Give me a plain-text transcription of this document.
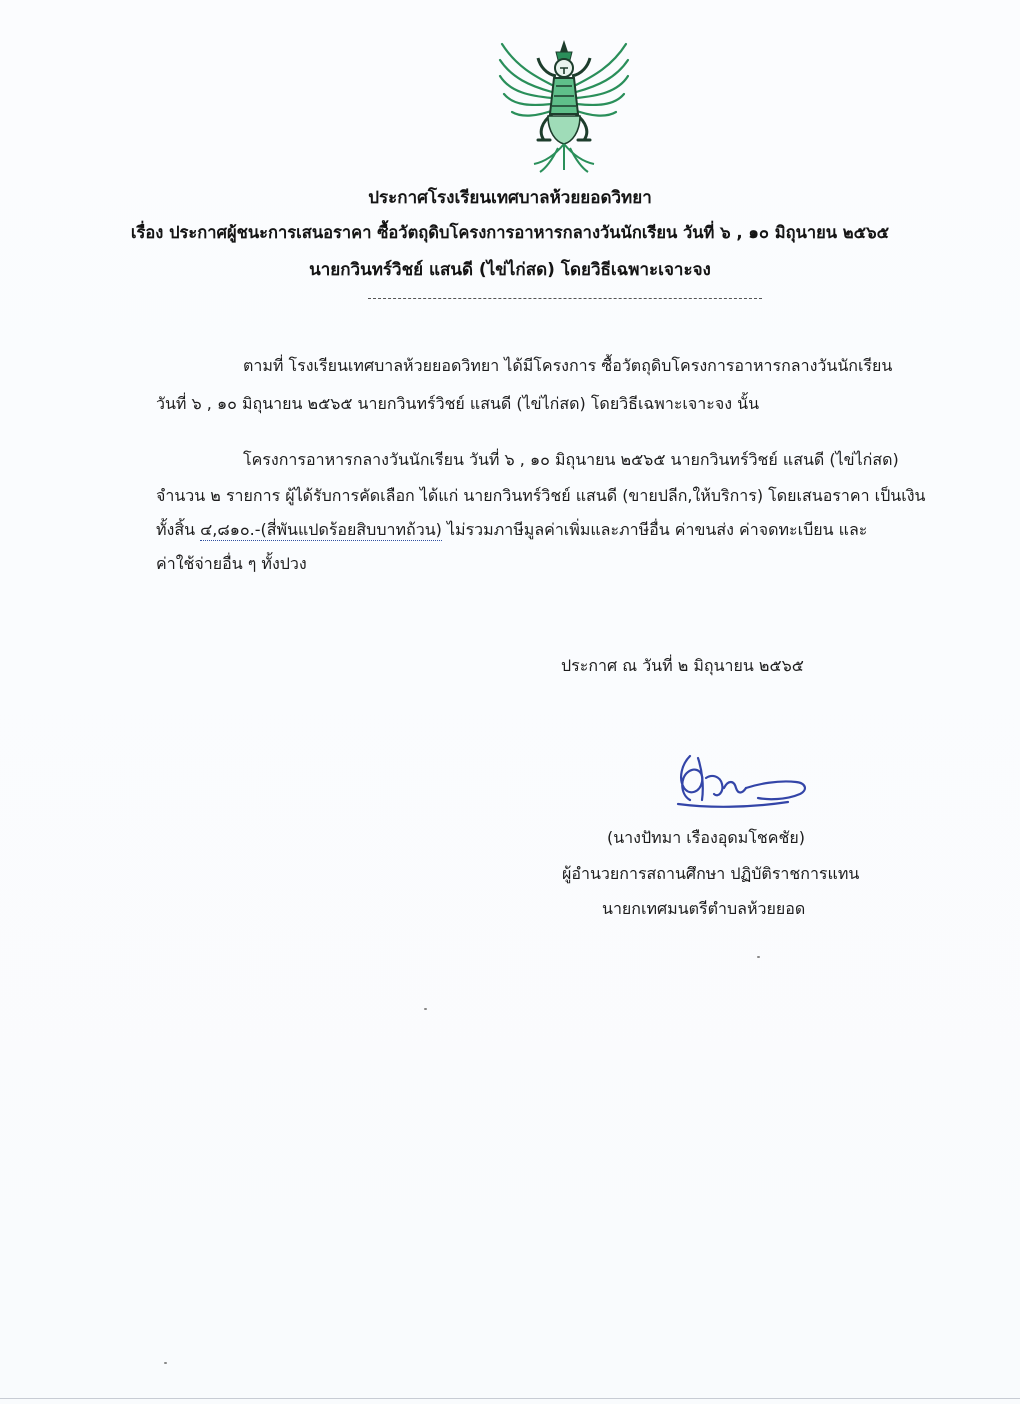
ประกาศโรงเรียนเทศบาลห้วยยอดวิทยา
เรื่อง ประกาศผู้ชนะการเสนอราคา ซื้อวัตถุดิบโครงการอาหารกลางวันนักเรียน วันที่ ๖ , ๑๐ มิถุนายน ๒๕๖๕
นายกวินทร์วิชย์ แสนดี (ไข่ไก่สด) โดยวิธีเฉพาะเจาะจง
ตามที่ โรงเรียนเทศบาลห้วยยอดวิทยา ได้มีโครงการ ซื้อวัตถุดิบโครงการอาหารกลางวันนักเรียน
วันที่ ๖ , ๑๐ มิถุนายน ๒๕๖๕ นายกวินทร์วิชย์ แสนดี (ไข่ไก่สด) โดยวิธีเฉพาะเจาะจง นั้น
โครงการอาหารกลางวันนักเรียน วันที่ ๖ , ๑๐ มิถุนายน ๒๕๖๕ นายกวินทร์วิชย์ แสนดี (ไข่ไก่สด)
จำนวน ๒ รายการ ผู้ได้รับการคัดเลือก ได้แก่ นายกวินทร์วิชย์ แสนดี (ขายปลีก,ให้บริการ) โดยเสนอราคา เป็นเงิน
ทั้งสิ้น ๔,๘๑๐.-(สี่พันแปดร้อยสิบบาทถ้วน) ไม่รวมภาษีมูลค่าเพิ่มและภาษีอื่น ค่าขนส่ง ค่าจดทะเบียน และ
ค่าใช้จ่ายอื่น ๆ ทั้งปวง
ประกาศ ณ วันที่ ๒ มิถุนายน ๒๕๖๕
(นางปัทมา เรืองอุดมโชคชัย)
ผู้อำนวยการสถานศึกษา ปฏิบัติราชการแทน
นายกเทศมนตรีตำบลห้วยยอด
